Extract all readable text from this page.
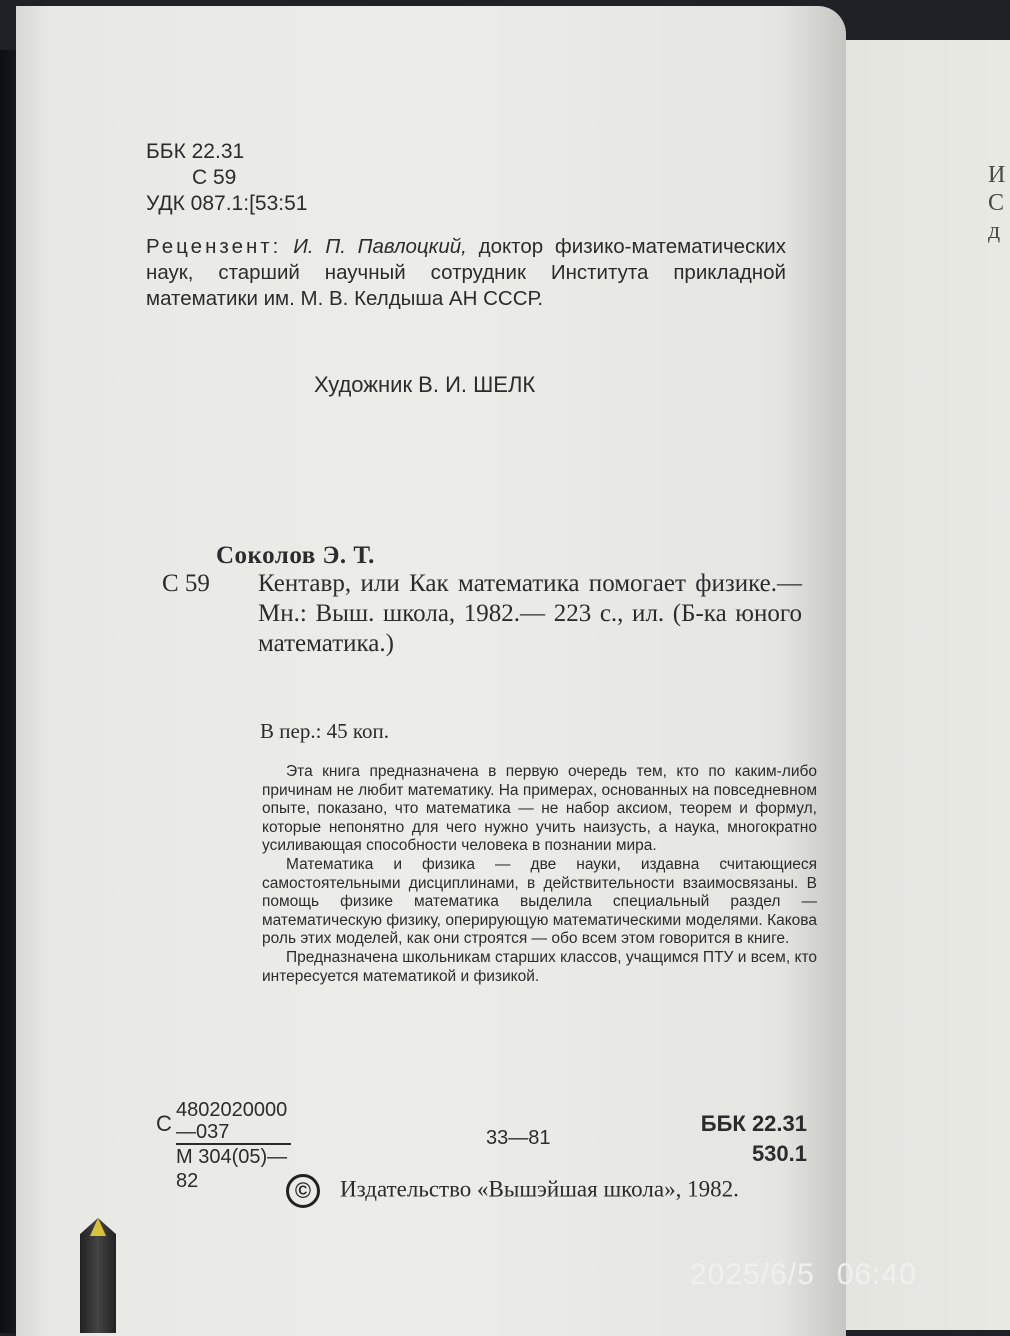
И
С
д
ББК 22.31
С 59
УДК 087.1:[53:51
Рецензент: И. П. Павлоцкий, доктор физико-математических наук, старший научный сотрудник Института прикладной математики им. М. В. Келдыша АН СССР.
Художник В. И. ШЕЛК
Соколов Э. Т.
С 59 Кентавр, или Как математика помогает физике.— Мн.: Выш. школа, 1982.— 223 с., ил. (Б-ка юного математика.)
В пер.: 45 коп.

Эта книга предназначена в первую очередь тем, кто по каким-либо причинам не любит математику. На примерах, основанных на повседневном опыте, показано, что математика — не набор аксиом, теорем и формул, которые непонятно для чего нужно учить наизусть, а наука, многократно усиливающая способности человека в познании мира.

Математика и физика — две науки, издавна считающиеся самостоятельными дисциплинами, в действительности взаимосвязаны. В помощь физике математика выделила специальный раздел — математическую физику, оперирующую математическими моделями. Какова роль этих моделей, как они строятся — обо всем этом говорится в книге.

Предназначена школьникам старших классов, учащимся ПТУ и всем, кто интересуется математикой и физикой.

С
4802020000—037
М 304(05)—82
33—81
ББК 22.31
530.1
© Издательство «Вышэйшая школа», 1982.
2025/6/5 06:40
